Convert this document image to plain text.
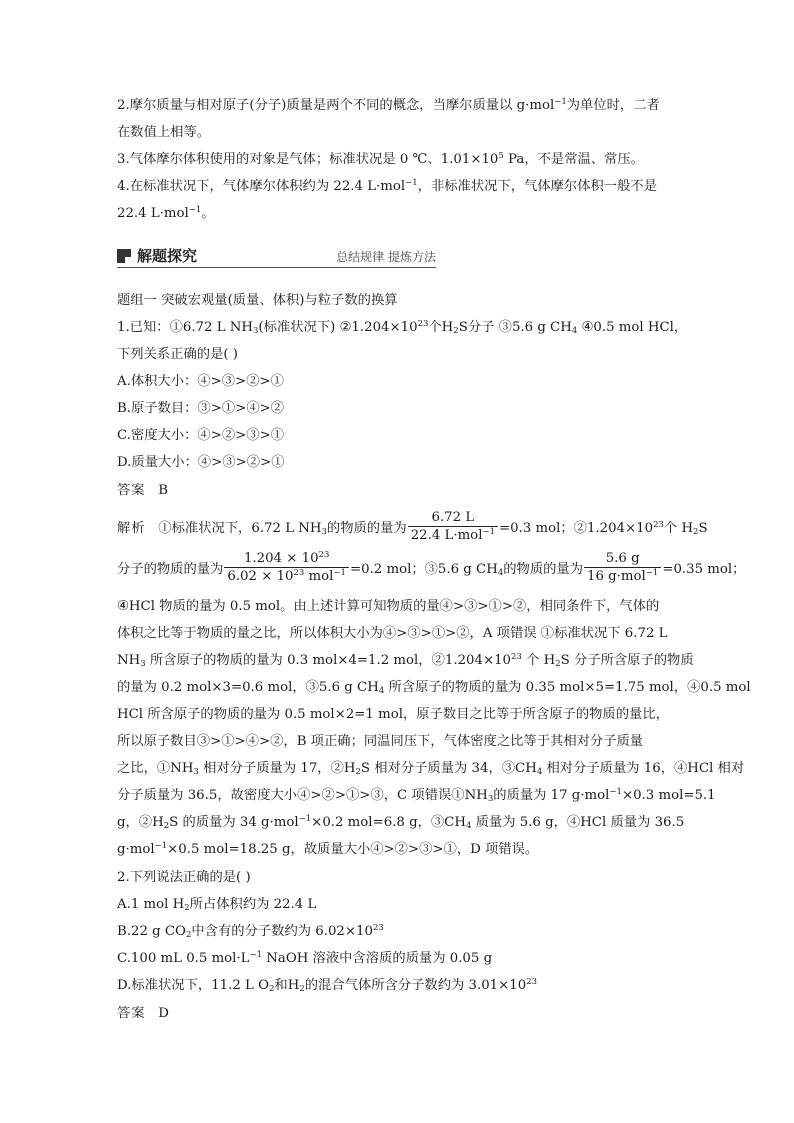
2.摩尔质量与相对原子(分子)质量是两个不同的概念，当摩尔质量以 g·mol$^{-1}$为单位时，二者
在数值上相等。
3.气体摩尔体积使用的对象是气体；标准状况是 0 ℃、$1.01\times 10^5$ Pa，不是常温、常压。
4.在标准状况下，气体摩尔体积约为 22.4 L·mol$^{-1}$，非标准状况下，气体摩尔体积一般不是
22.4 L·mol$^{-1}$。
解题探究	总结规律 提炼方法
题组一 突破宏观量(质量、体积)与粒子数的换算
1.已知：①6.72 L $NH_3$(标准状况下) $②1.204\times 10^{23}$个$H_2S$分子 ③5.6 g $CH_4$ ④0.5 mol HCl，
下列关系正确的是( )
A.体积大小：④>③>②>①
B.原子数目：③>①>④>②
C.密度大小：④>②>③>①
D.质量大小：④>③>②>①
答案 B
解析 ①标准状况下，6.72 L $NH_3$的物质的量为 $\frac{6.72 L}{22.4 L\cdot mol^{-1}} =0.3$ mol；$②1.204\times 10^{23}$个 $H_2S$
分子的物质的量为 $\frac{1.204 \times 10^{23}}{6.02 \times 10^{23} mol^{-1}} =0.2$ mol；③5.6 g $CH_4$的物质的量为 $\frac{5.6 g}{16 g\cdot mol^{-1}} =0.35$ mol；
④HCl 物质的量为 0.5 mol。由上述计算可知物质的量④>③>①>②，相同条件下，气体的
体积之比等于物质的量之比，所以体积大小为④>③>①>②，A 项错误 ①标准状况下 6.72 L
$NH_3$ 所含原子的物质的量为 0.3 mol×4=1.2 mol，$②1.204\times 10^{23}$ 个 $H_2S$ 分子所含原子的物质
的量为 0.2 mol×3=0.6 mol，③5.6 g $CH_4$ 所含原子的物质的量为 0.35 mol×5=1.75 mol，④0.5 mol
HCl 所含原子的物质的量为 0.5 mol×2=1 mol，原子数目之比等于所含原子的物质的量比，
所以原子数目③>①>④>②，B 项正确；同温同压下，气体密度之比等于其相对分子质量
之比，$①NH_3$ 相对分子质量为 17，$②H_2S$ 相对分子质量为 34，$③CH_4$ 相对分子质量为 16，④HCl 相对
分子质量为 36.5，故密度大小④>②>①>③，C 项错误$①NH_3$的质量为 17 g·mol$^{-1}$×0.3 mol=5.1
g，$②H_2S$ 的质量为 34 g·mol$^{-1}$×0.2 mol=6.8 g，$③CH_4$ 质量为 5.6 g，④HCl 质量为 36.5
g·mol$^{-1}$×0.5 mol=18.25 g，故质量大小④>②>③>①，D 项错误。
2.下列说法正确的是( )
A.1 mol $H_2$所占体积约为 22.4 L
B.22 g $CO_2$中含有的分子数约为 $6.02\times 10^{23}$
C.100 mL 0.5 $mol\cdot L^{-1}$ NaOH 溶液中含溶质的质量为 0.05 g
D.标准状况下，11.2 L $O_2$和$H_2$的混合气体所含分子数约为 $3.01\times 10^{23}$
答案 D
